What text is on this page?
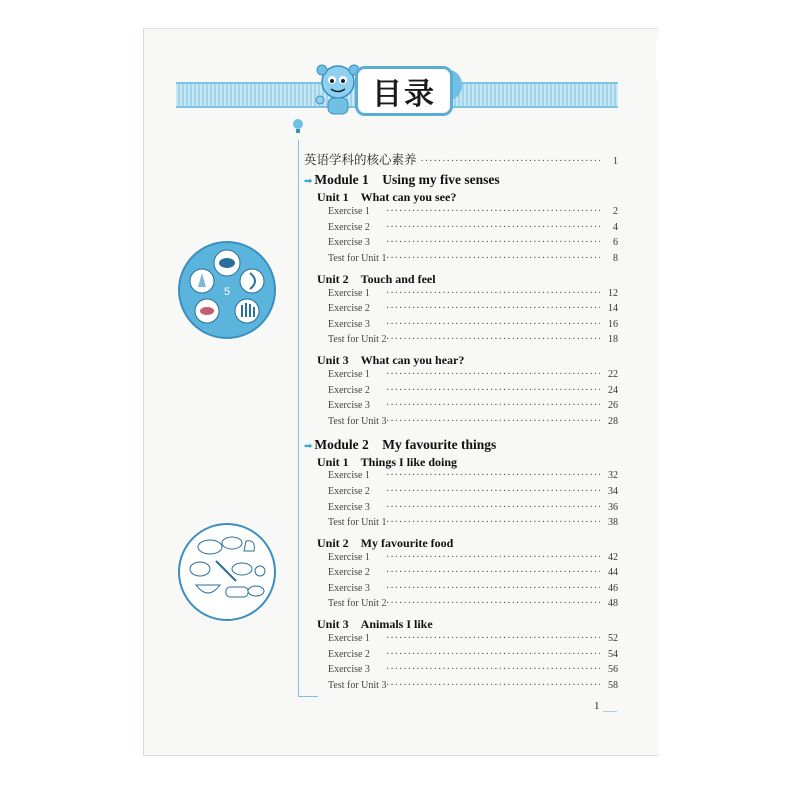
目录
5
英语学科的核心素养 ·····	1
➡ Module 1　Using my five senses
Unit 1　What can you see?
Exercise 1 ·····	2
Exercise 2 ·····	4
Exercise 3 ·····	6
Test for Unit 1 ·····	8
Unit 2　Touch and feel
Exercise 1 ·····	12
Exercise 2 ·····	14
Exercise 3 ·····	16
Test for Unit 2 ·····	18
Unit 3　What can you hear?
Exercise 1 ·····	22
Exercise 2 ·····	24
Exercise 3 ·····	26
Test for Unit 3 ·····	28
➡ Module 2　My favourite things
Unit 1　Things I like doing
Exercise 1 ·····	32
Exercise 2 ·····	34
Exercise 3 ·····	36
Test for Unit 1 ·····	38
Unit 2　My favourite food
Exercise 1 ·····	42
Exercise 2 ·····	44
Exercise 3 ·····	46
Test for Unit 2 ·····	48
Unit 3　Animals I like
Exercise 1 ·····	52
Exercise 2 ·····	54
Exercise 3 ·····	56
Test for Unit 3 ·····	58
1
